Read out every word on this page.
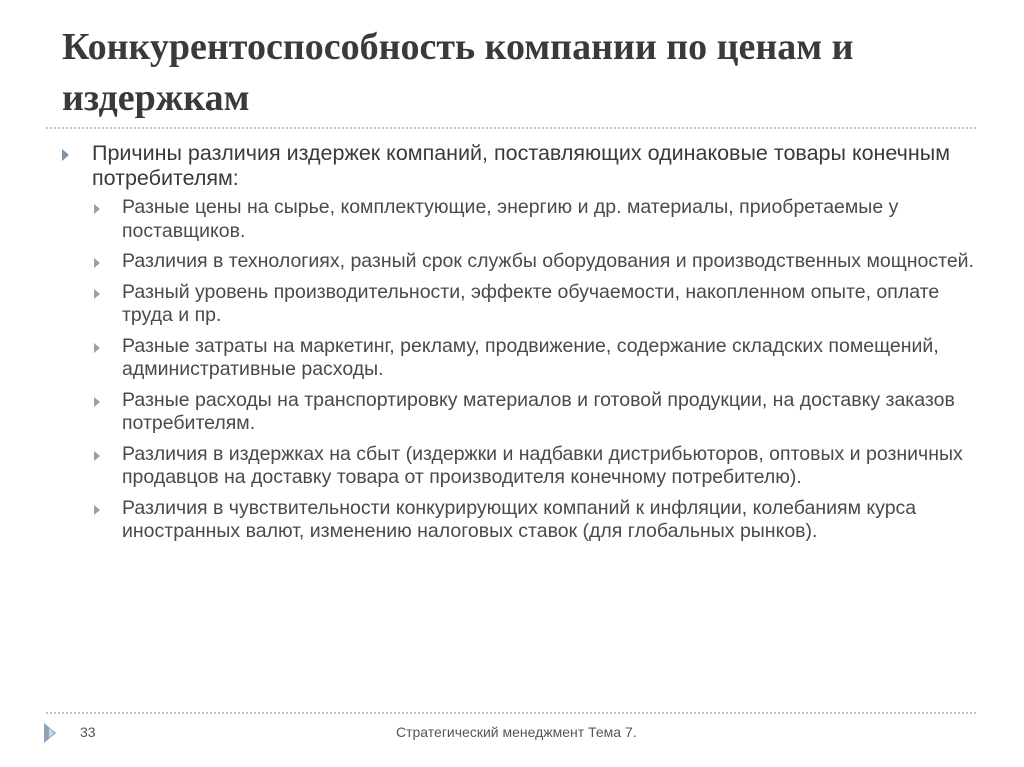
Конкурентоспособность компании по ценам и издержкам
Причины различия издержек компаний, поставляющих одинаковые товары конечным потребителям:
Разные цены на сырье, комплектующие, энергию и др. материалы, приобретаемые у поставщиков.
Различия в технологиях, разный срок службы оборудования и производственных мощностей.
Разный уровень производительности, эффекте обучаемости, накопленном опыте, оплате труда и пр.
Разные затраты на маркетинг, рекламу, продвижение, содержание складских помещений, административные расходы.
Разные расходы на транспортировку материалов и готовой продукции, на доставку заказов потребителям.
Различия в издержках на сбыт (издержки и надбавки дистрибьюторов, оптовых и розничных продавцов на доставку товара от производителя конечному потребителю).
Различия в чувствительности конкурирующих компаний к инфляции, колебаниям курса иностранных валют, изменению налоговых ставок (для глобальных рынков).
33	Стратегический менеджмент Тема 7.
